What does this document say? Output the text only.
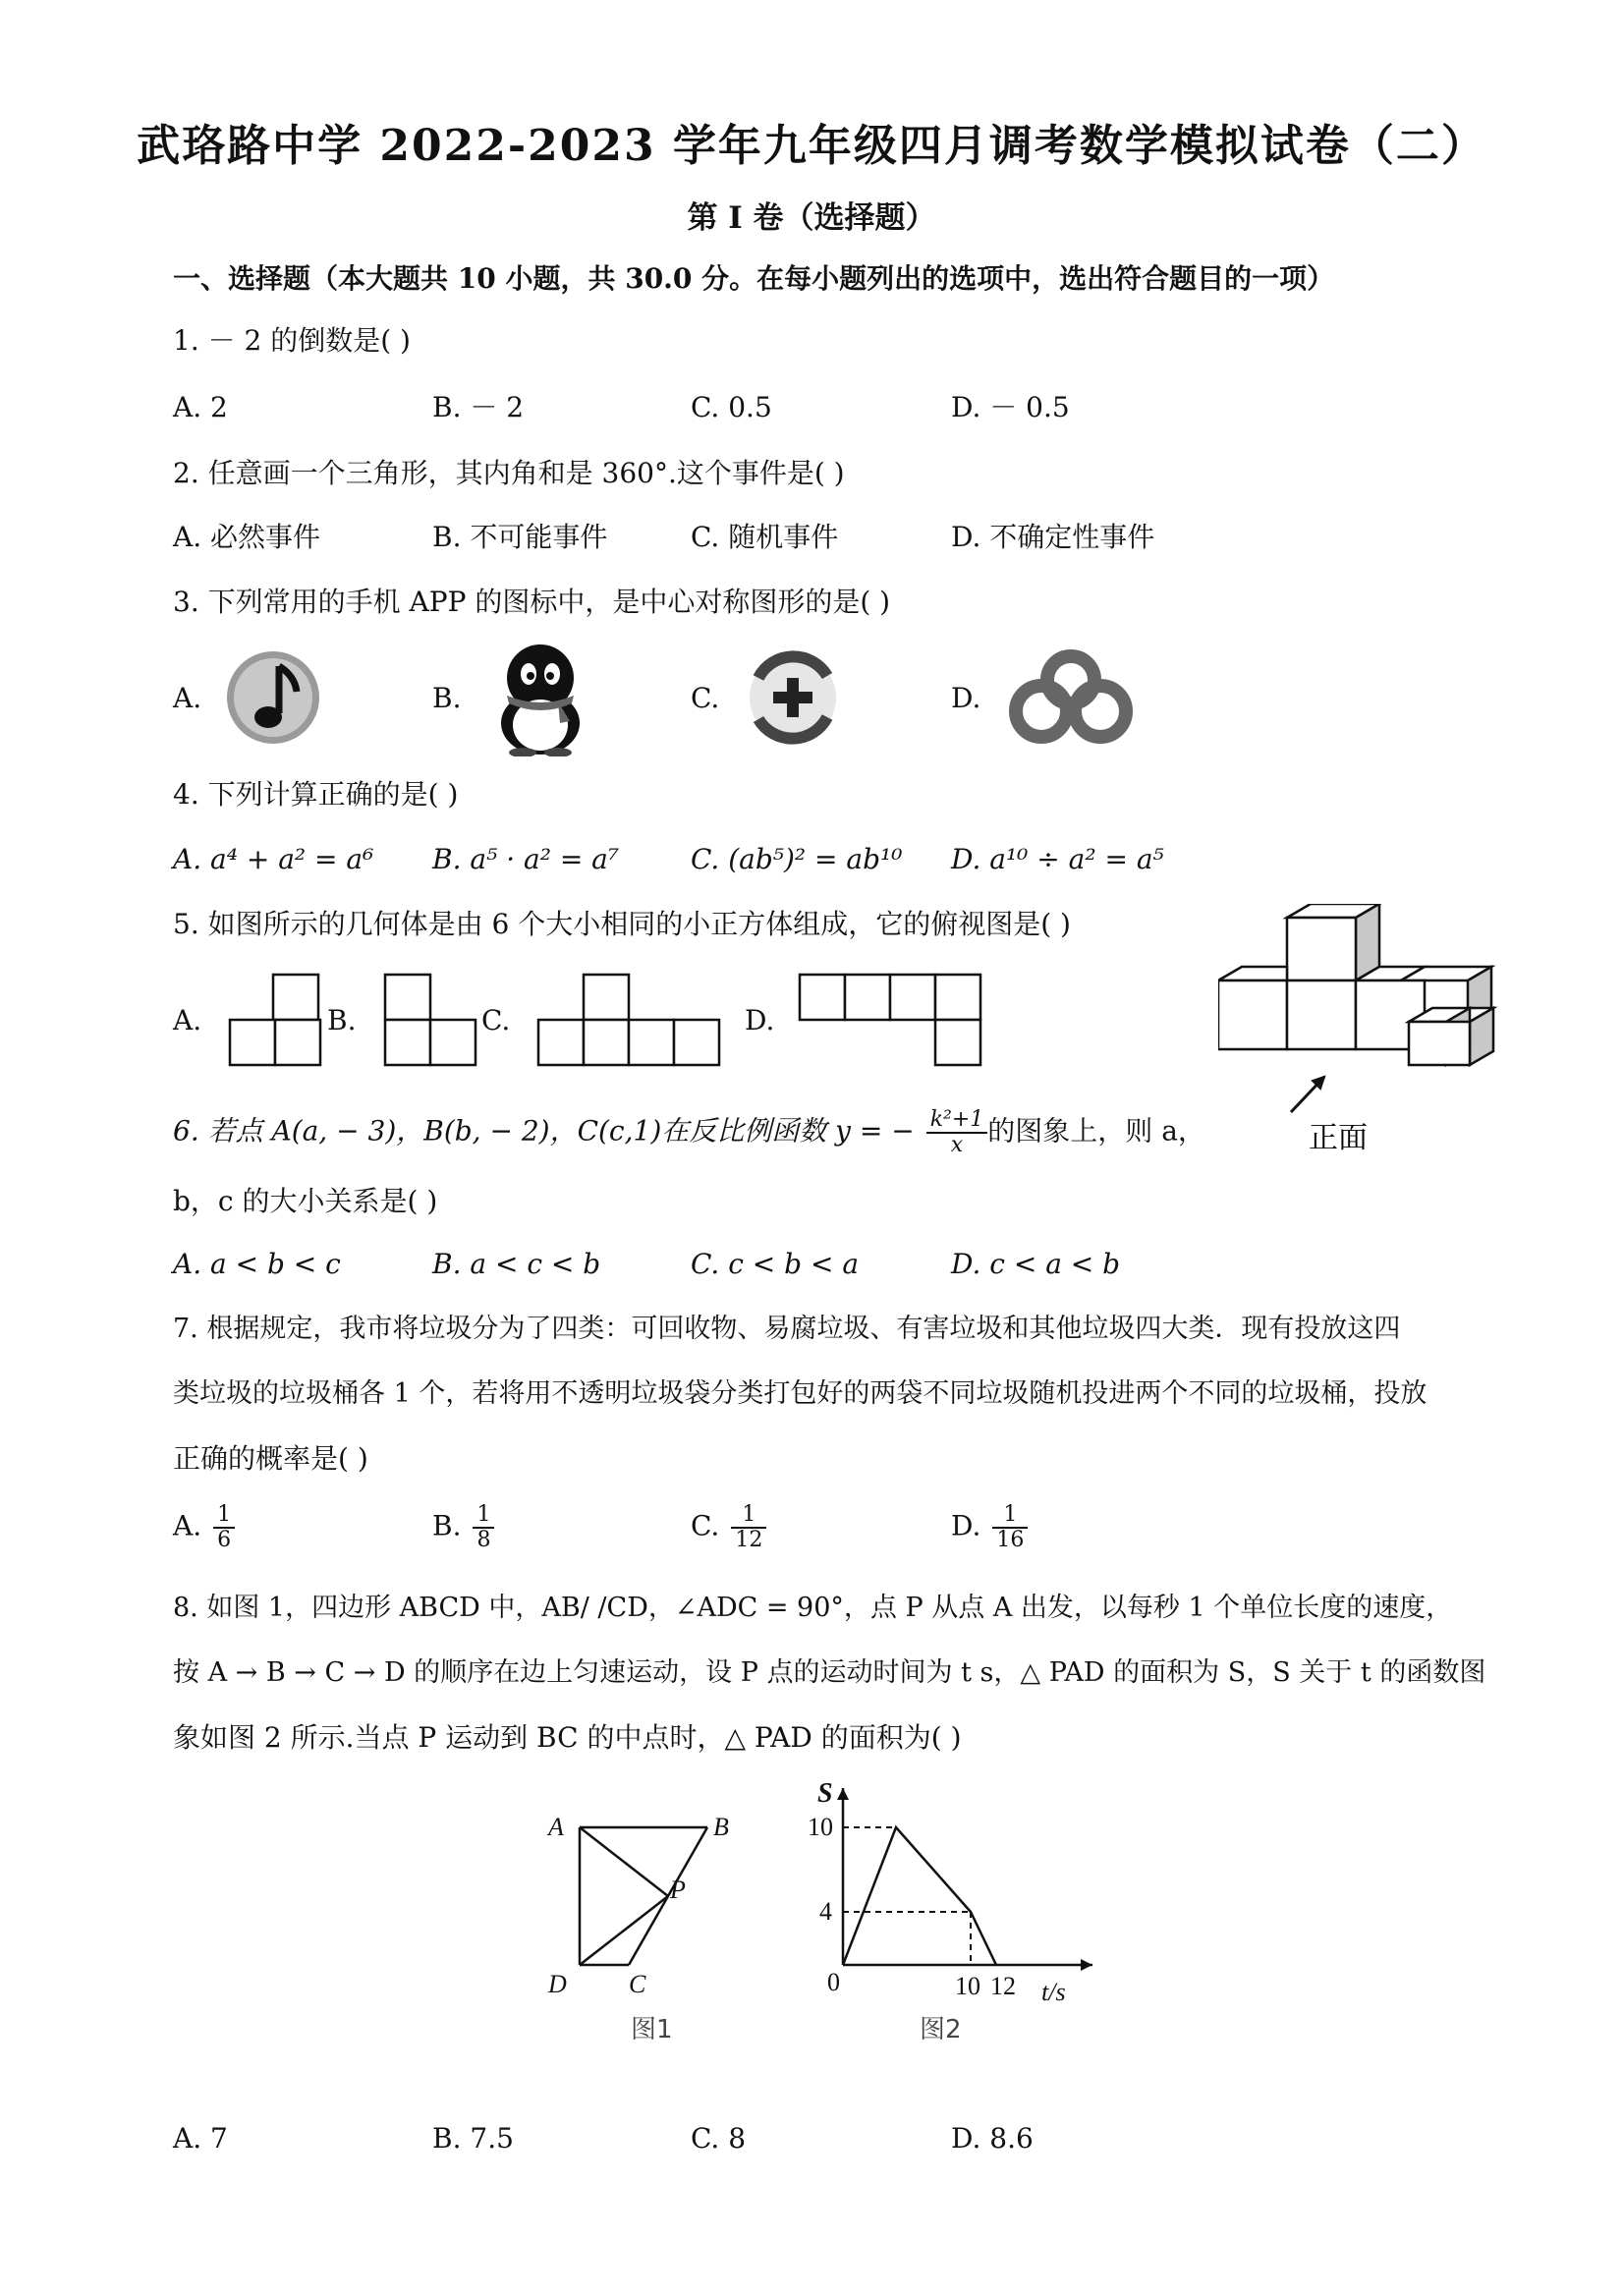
武珞路中学 2022-2023 学年九年级四月调考数学模拟试卷（二）
第 I 卷（选择题）
一、选择题（本大题共 10 小题，共 30.0 分。在每小题列出的选项中，选出符合题目的一项）
1. － 2 的倒数是( )
A. 2	B. － 2	C. 0.5	D. － 0.5
2. 任意画一个三角形，其内角和是 360°.这个事件是( )
A. 必然事件	B. 不可能事件	C. 随机事件	D. 不确定性事件
3. 下列常用的手机 APP 的图标中，是中心对称图形的是( )
A.	B.	C.	D.
4. 下列计算正确的是( )
A. a⁴ + a² = a⁶ B. a⁵ · a² = a⁷	C. (ab⁵)² = ab¹⁰ D. a¹⁰ ÷ a² = a⁵
5. 如图所示的几何体是由 6 个大小相同的小正方体组成，它的俯视图是( )
A.	B.	C.	D.
正面
6. 若点 A(a, − 3)，B(b, − 2)，C(c,1)在反比例函数 y = − $\frac{\text{k²+1}}{x}$ 的图象上，则 a，
b，c 的大小关系是( )
A. a < b < c	B. a < c < b	C. c < b < a	D. c < a < b
7. 根据规定，我市将垃圾分为了四类：可回收物、易腐垃圾、有害垃圾和其他垃圾四大类．现有投放这四
类垃圾的垃圾桶各 1 个，若将用不透明垃圾袋分类打包好的两袋不同垃圾随机投进两个不同的垃圾桶，投放
正确的概率是( )
A. $\frac{1}{6}$	B. $\frac{1}{8}$	C. $\frac{1}{12}$	D. $\frac{1}{16}$
8. 如图 1，四边形 ABCD 中，AB/ /CD，∠ADC = 90°，点 P 从点 A 出发，以每秒 1 个单位长度的速度，
按 A → B → C → D 的顺序在边上匀速运动，设 P 点的运动时间为 t s，△ PAD 的面积为 S，S 关于 t 的函数图
象如图 2 所示.当点 P 运动到 BC 的中点时，△ PAD 的面积为( )
A	B
C
D
P
图1
S
t/s
0
10
4
10 12
图2
A. 7	B. 7.5	C. 8	D. 8.6
